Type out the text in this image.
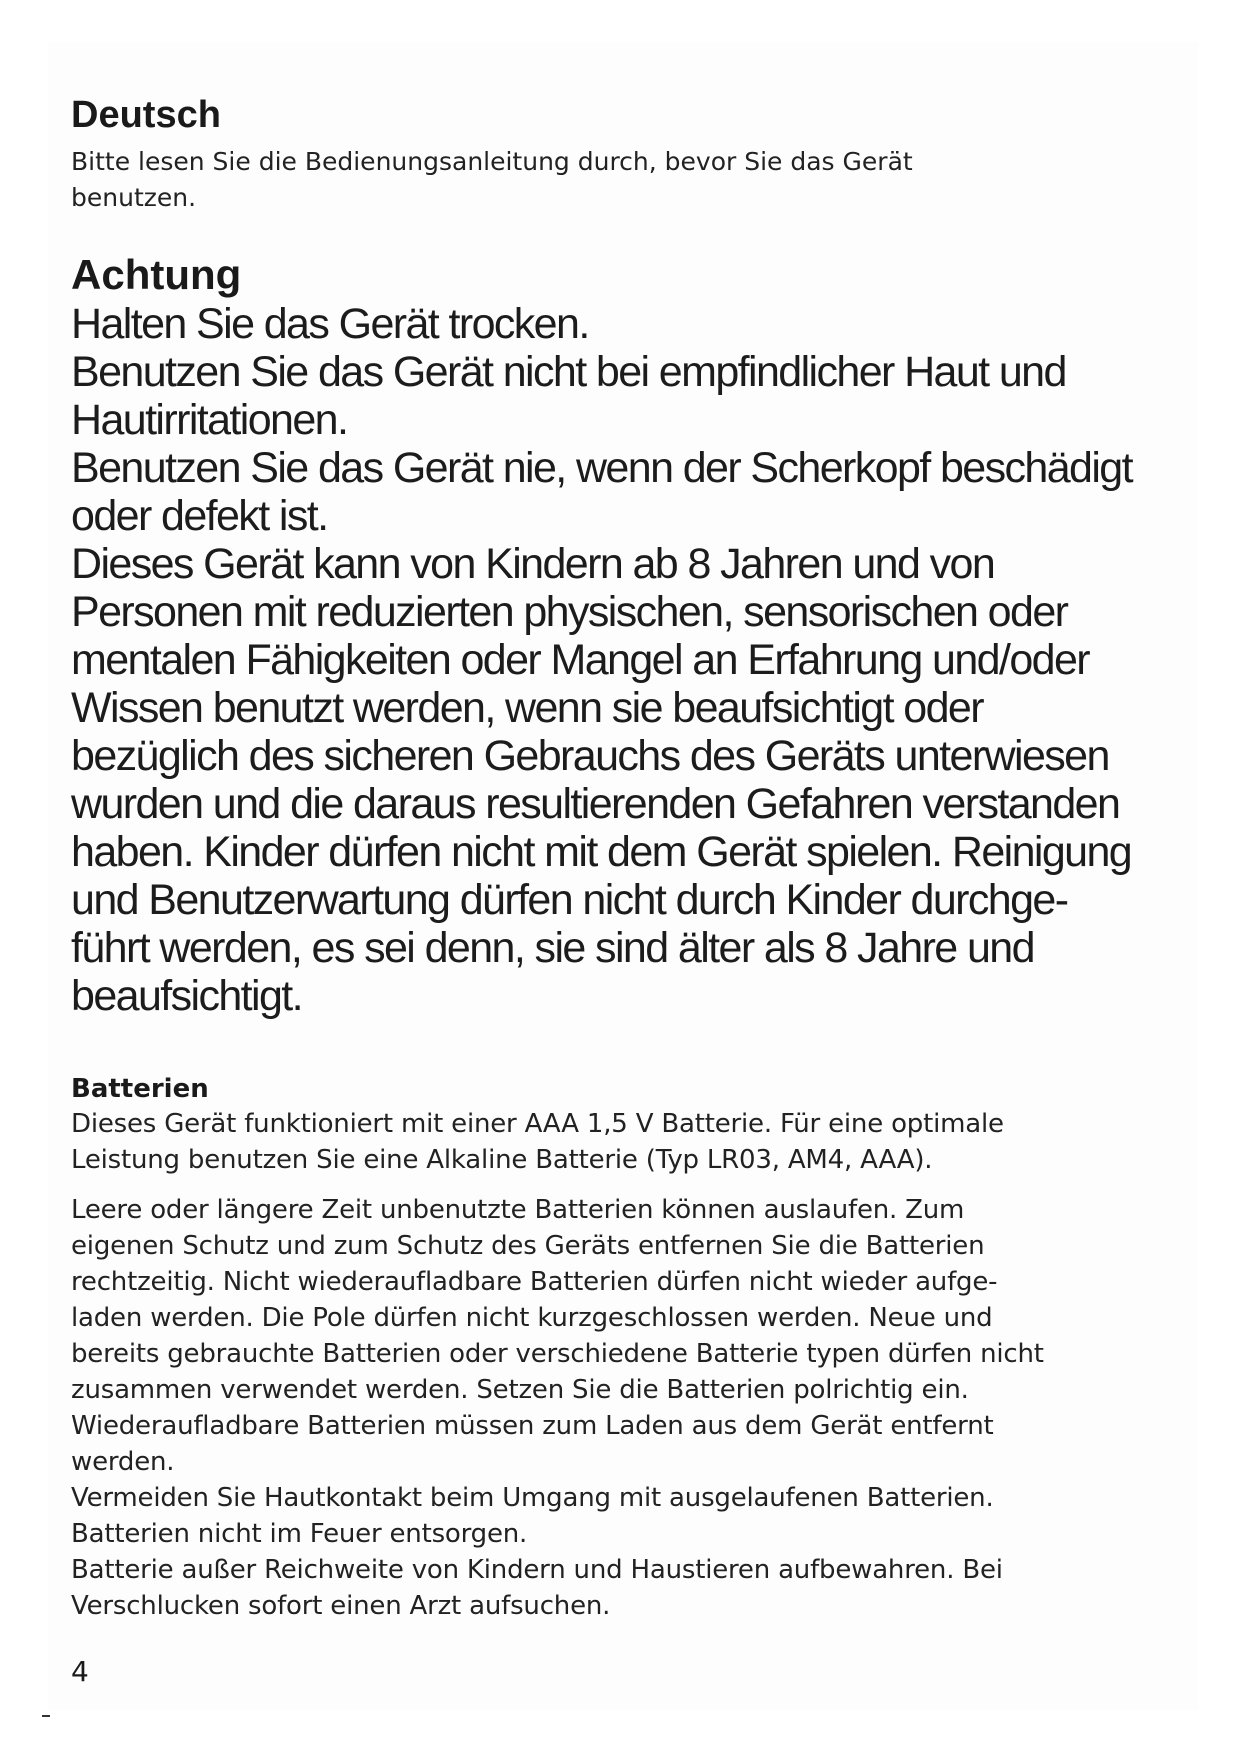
Deutsch

Bitte lesen Sie die Bedienungsanleitung durch, bevor Sie das Gerät
benutzen.

Achtung

Halten Sie das Gerät trocken.
Benutzen Sie das Gerät nicht bei empfindlicher Haut und
Hautirritationen.
Benutzen Sie das Gerät nie, wenn der Scherkopf beschädigt
oder defekt ist.
Dieses Gerät kann von Kindern ab 8 Jahren und von
Personen mit reduzierten physischen, sensorischen oder
mentalen Fähigkeiten oder Mangel an Erfahrung und/oder
Wissen benutzt werden, wenn sie beaufsichtigt oder
bezüglich des sicheren Gebrauchs des Geräts unterwiesen
wurden und die daraus resultierenden Gefahren verstanden
haben. Kinder dürfen nicht mit dem Gerät spielen. Reinigung
und Benutzerwartung dürfen nicht durch Kinder durchge-
führt werden, es sei denn, sie sind älter als 8 Jahre und
beaufsichtigt.

Batterien

Dieses Gerät funktioniert mit einer AAA 1,5 V Batterie. Für eine optimale
Leistung benutzen Sie eine Alkaline Batterie (Typ LR03, AM4, AAA).

Leere oder längere Zeit unbenutzte Batterien können auslaufen. Zum
eigenen Schutz und zum Schutz des Geräts entfernen Sie die Batterien
rechtzeitig. Nicht wiederaufladbare Batterien dürfen nicht wieder aufge-
laden werden. Die Pole dürfen nicht kurzgeschlossen werden. Neue und
bereits gebrauchte Batterien oder verschiedene Batterie typen dürfen nicht
zusammen verwendet werden. Setzen Sie die Batterien polrichtig ein.
Wiederaufladbare Batterien müssen zum Laden aus dem Gerät entfernt
werden.
Vermeiden Sie Hautkontakt beim Umgang mit ausgelaufenen Batterien.
Batterien nicht im Feuer entsorgen.
Batterie außer Reichweite von Kindern und Haustieren aufbewahren. Bei
Verschlucken sofort einen Arzt aufsuchen.

4
